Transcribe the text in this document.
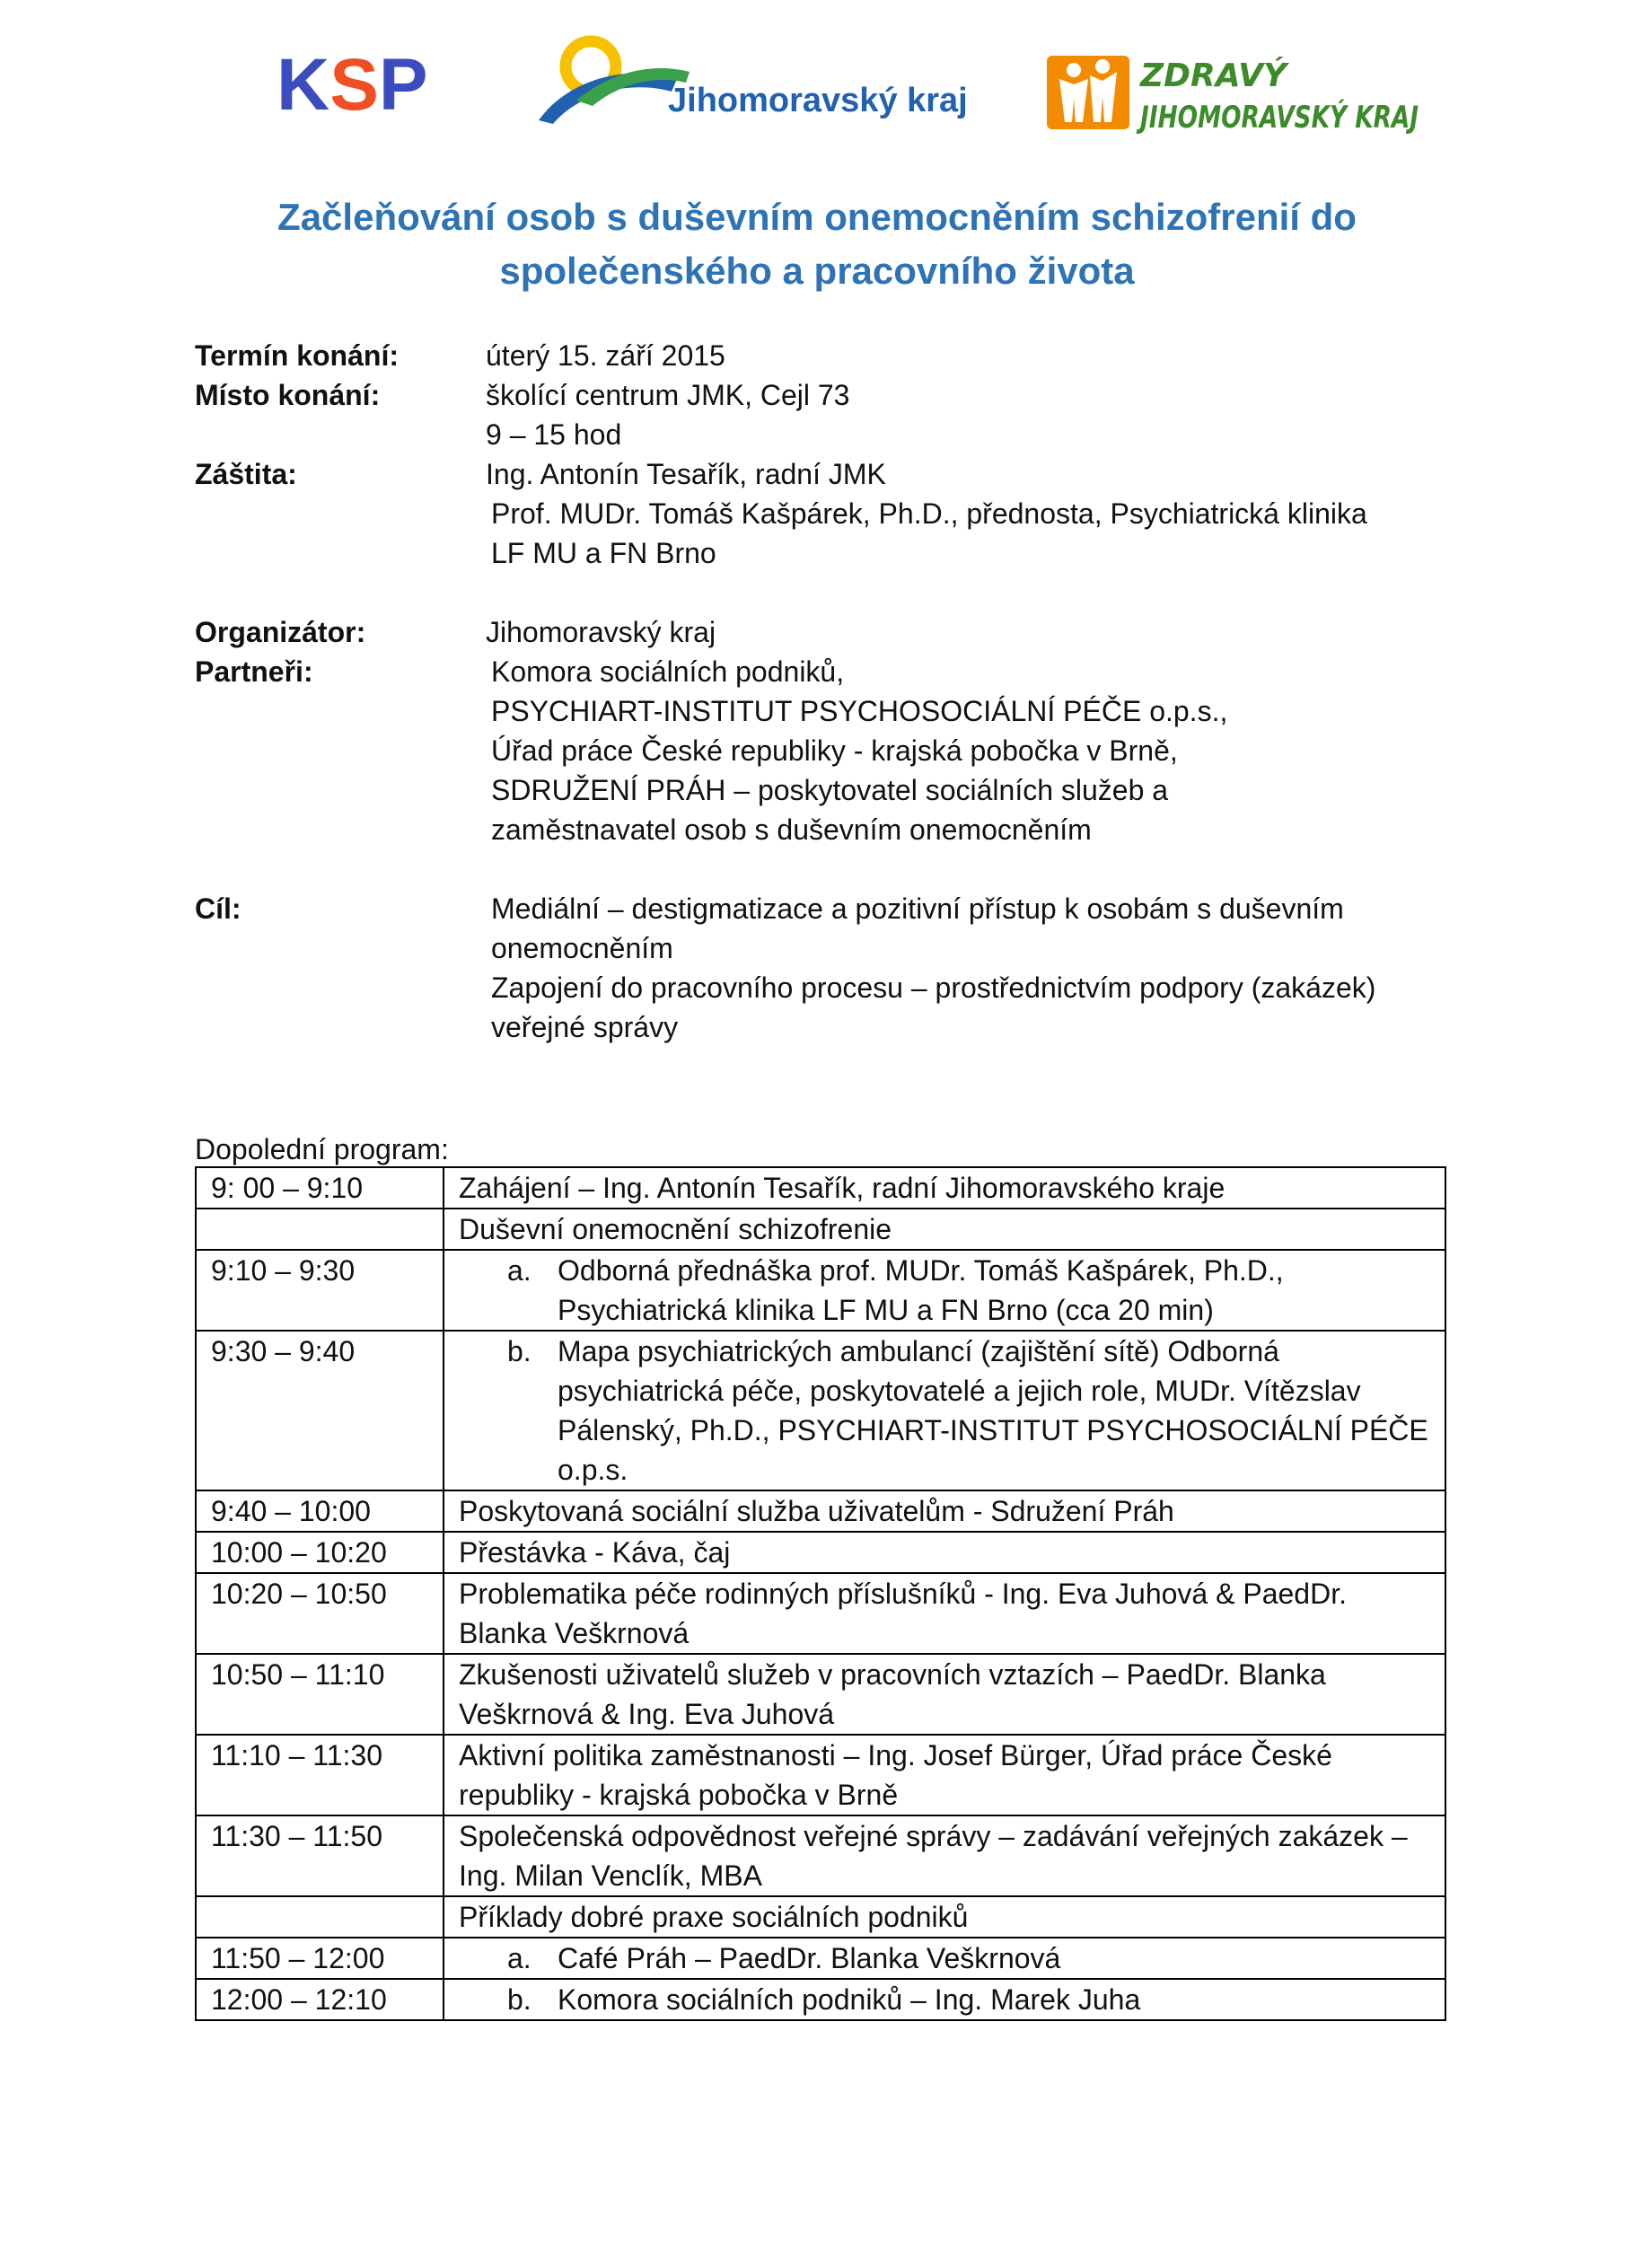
KSP	Jihomoravský kraj
ZDRAVÝ
JIHOMORAVSKÝ KRAJ
Začleňování osob s duševním onemocněním schizofrenií do
společenského a pracovního života
Termín konání:	úterý 15. září 2015
Místo konání:	školící centrum JMK, Cejl 73
9 – 15 hod
Záštita:	Ing. Antonín Tesařík, radní JMK
Prof. MUDr. Tomáš Kašpárek, Ph.D., přednosta, Psychiatrická klinika
LF MU a FN Brno
Organizátor:	Jihomoravský kraj
Partneři:	Komora sociálních podniků,
PSYCHIART-INSTITUT PSYCHOSOCIÁLNÍ PÉČE o.p.s.,
Úřad práce České republiky - krajská pobočka v Brně,
SDRUŽENÍ PRÁH – poskytovatel sociálních služeb a
zaměstnavatel osob s duševním onemocněním
Cíl:	Mediální – destigmatizace a pozitivní přístup k osobám s duševním
onemocněním
Zapojení do pracovního procesu – prostřednictvím podpory (zakázek)
veřejné správy
Dopolední program:
9: 00 – 9:10	Zahájení – Ing. Antonín Tesařík, radní Jihomoravského kraje
	Duševní onemocnění schizofrenie
9:10 – 9:30	a. Odborná přednáška prof. MUDr. Tomáš Kašpárek, Ph.D., Psychiatrická klinika LF MU a FN Brno (cca 20 min)

9:30 – 9:40	b. Mapa psychiatrických ambulancí (zajištění sítě) Odborná psychiatrická péče, poskytovatelé a jejich role, MUDr. Vítězslav Pálenský, Ph.D., PSYCHIART-INSTITUT PSYCHOSOCIÁLNÍ PÉČE o.p.s.

9:40 – 10:00	Poskytovaná sociální služba uživatelům - Sdružení Práh
10:00 – 10:20	Přestávka - Káva, čaj
10:20 – 10:50	Problematika péče rodinných příslušníků - Ing. Eva Juhová & PaedDr. Blanka Veškrnová
10:50 – 11:10	Zkušenosti uživatelů služeb v pracovních vztazích – PaedDr. Blanka Veškrnová & Ing. Eva Juhová
11:10 – 11:30	Aktivní politika zaměstnanosti – Ing. Josef Bürger, Úřad práce České republiky - krajská pobočka v Brně
11:30 – 11:50	Společenská odpovědnost veřejné správy – zadávání veřejných zakázek – Ing. Milan Venclík, MBA
	Příklady dobré praxe sociálních podniků
11:50 – 12:00	a. Café Práh – PaedDr. Blanka Veškrnová

12:00 – 12:10	b. Komora sociálních podniků – Ing. Marek Juha
